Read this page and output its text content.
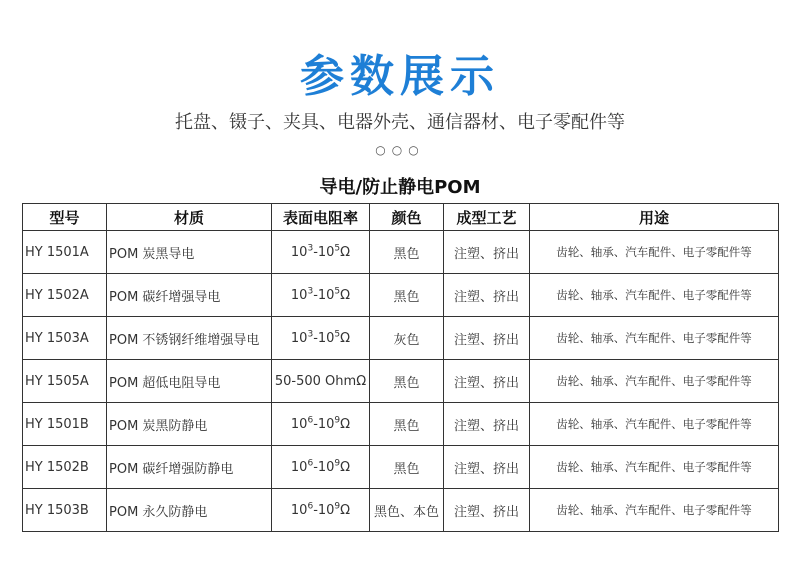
参数展示
托盘、镊子、夹具、电器外壳、通信器材、电子零配件等
○○○
导电/防止静电POM
型号	材质	表面电阻率	颜色	成型工艺	用途
HY 1501A	POM 炭黑导电	$10^3-10^5\Omega$	黑色	注塑、挤出	齿轮、轴承、汽车配件、电子零配件等
HY 1502A	POM 碳纤增强导电	$10^3-10^5\Omega$	黑色	注塑、挤出	齿轮、轴承、汽车配件、电子零配件等
HY 1503A	POM 不锈钢纤维增强导电	$10^3-10^5\Omega$	灰色	注塑、挤出	齿轮、轴承、汽车配件、电子零配件等
HY 1505A	POM 超低电阻导电	50-500 OhmΩ	黑色	注塑、挤出	齿轮、轴承、汽车配件、电子零配件等
HY 1501B	POM 炭黑防静电	$10^6-10^9\Omega$	黑色	注塑、挤出	齿轮、轴承、汽车配件、电子零配件等
HY 1502B	POM 碳纤增强防静电	$10^6-10^9\Omega$	黑色	注塑、挤出	齿轮、轴承、汽车配件、电子零配件等
HY 1503B	POM 永久防静电	$10^6-10^9\Omega$	黑色、本色	注塑、挤出	齿轮、轴承、汽车配件、电子零配件等
